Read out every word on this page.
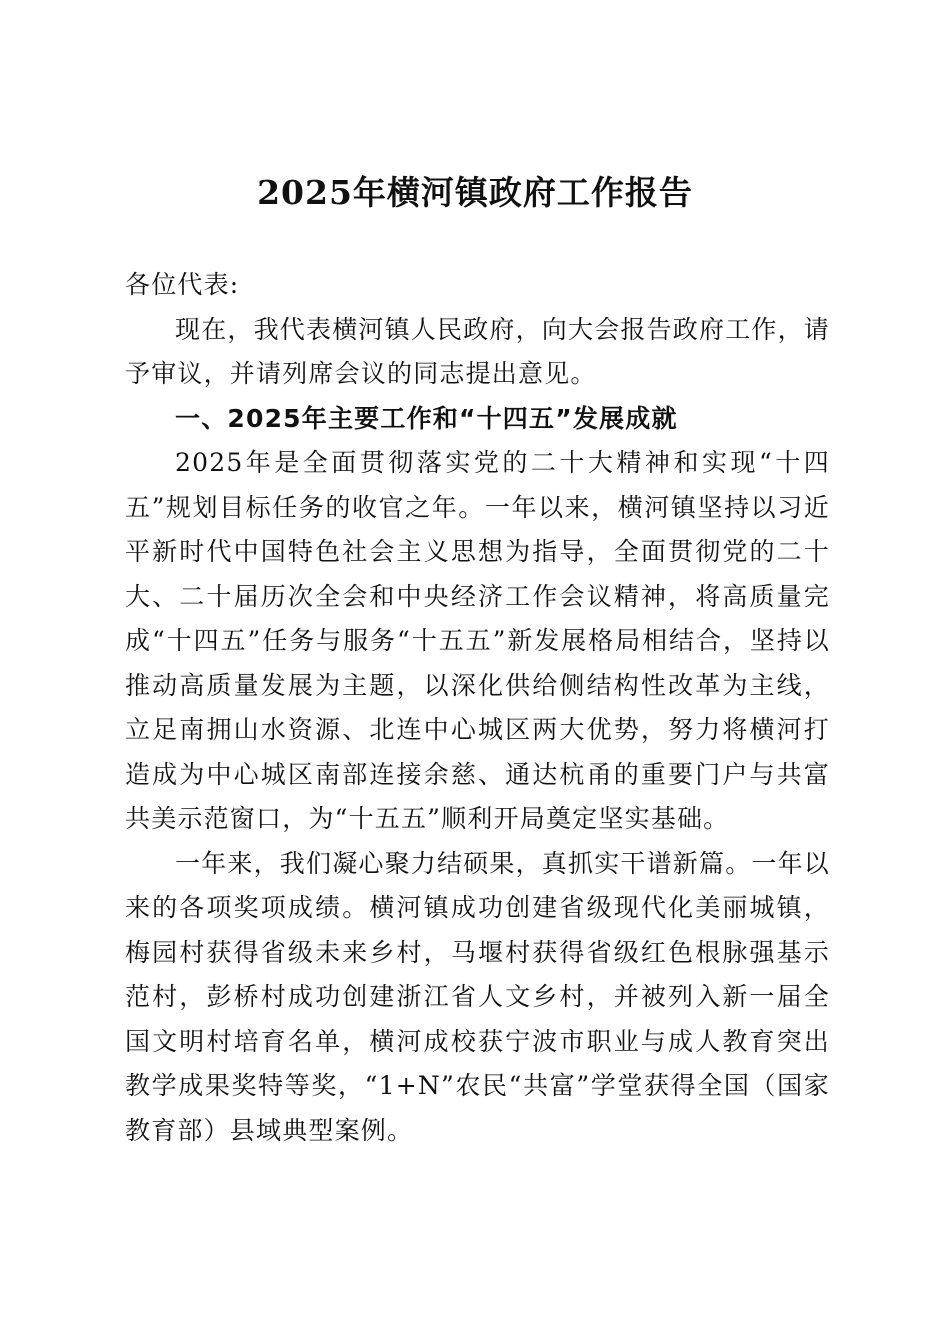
2025年横河镇政府工作报告

各位代表:

现在，我代表横河镇人民政府，向大会报告政府工作，请予审议，并请列席会议的同志提出意见。

一、2025年主要工作和“十四五”发展成就

2025年是全面贯彻落实党的二十大精神和实现“十四五”规划目标任务的收官之年。一年以来，横河镇坚持以习近平新时代中国特色社会主义思想为指导，全面贯彻党的二十大、二十届历次全会和中央经济工作会议精神，将高质量完成“十四五”任务与服务“十五五”新发展格局相结合，坚持以推动高质量发展为主题，以深化供给侧结构性改革为主线，立足南拥山水资源、北连中心城区两大优势，努力将横河打造成为中心城区南部连接余慈、通达杭甬的重要门户与共富共美示范窗口，为“十五五”顺利开局奠定坚实基础。

一年来，我们凝心聚力结硕果，真抓实干谱新篇。一年以来的各项奖项成绩。横河镇成功创建省级现代化美丽城镇，梅园村获得省级未来乡村，马堰村获得省级红色根脉强基示范村，彭桥村成功创建浙江省人文乡村，并被列入新一届全国文明村培育名单，横河成校获宁波市职业与成人教育突出教学成果奖特等奖，“1+N”农民“共富”学堂获得全国（国家教育部）县域典型案例。
